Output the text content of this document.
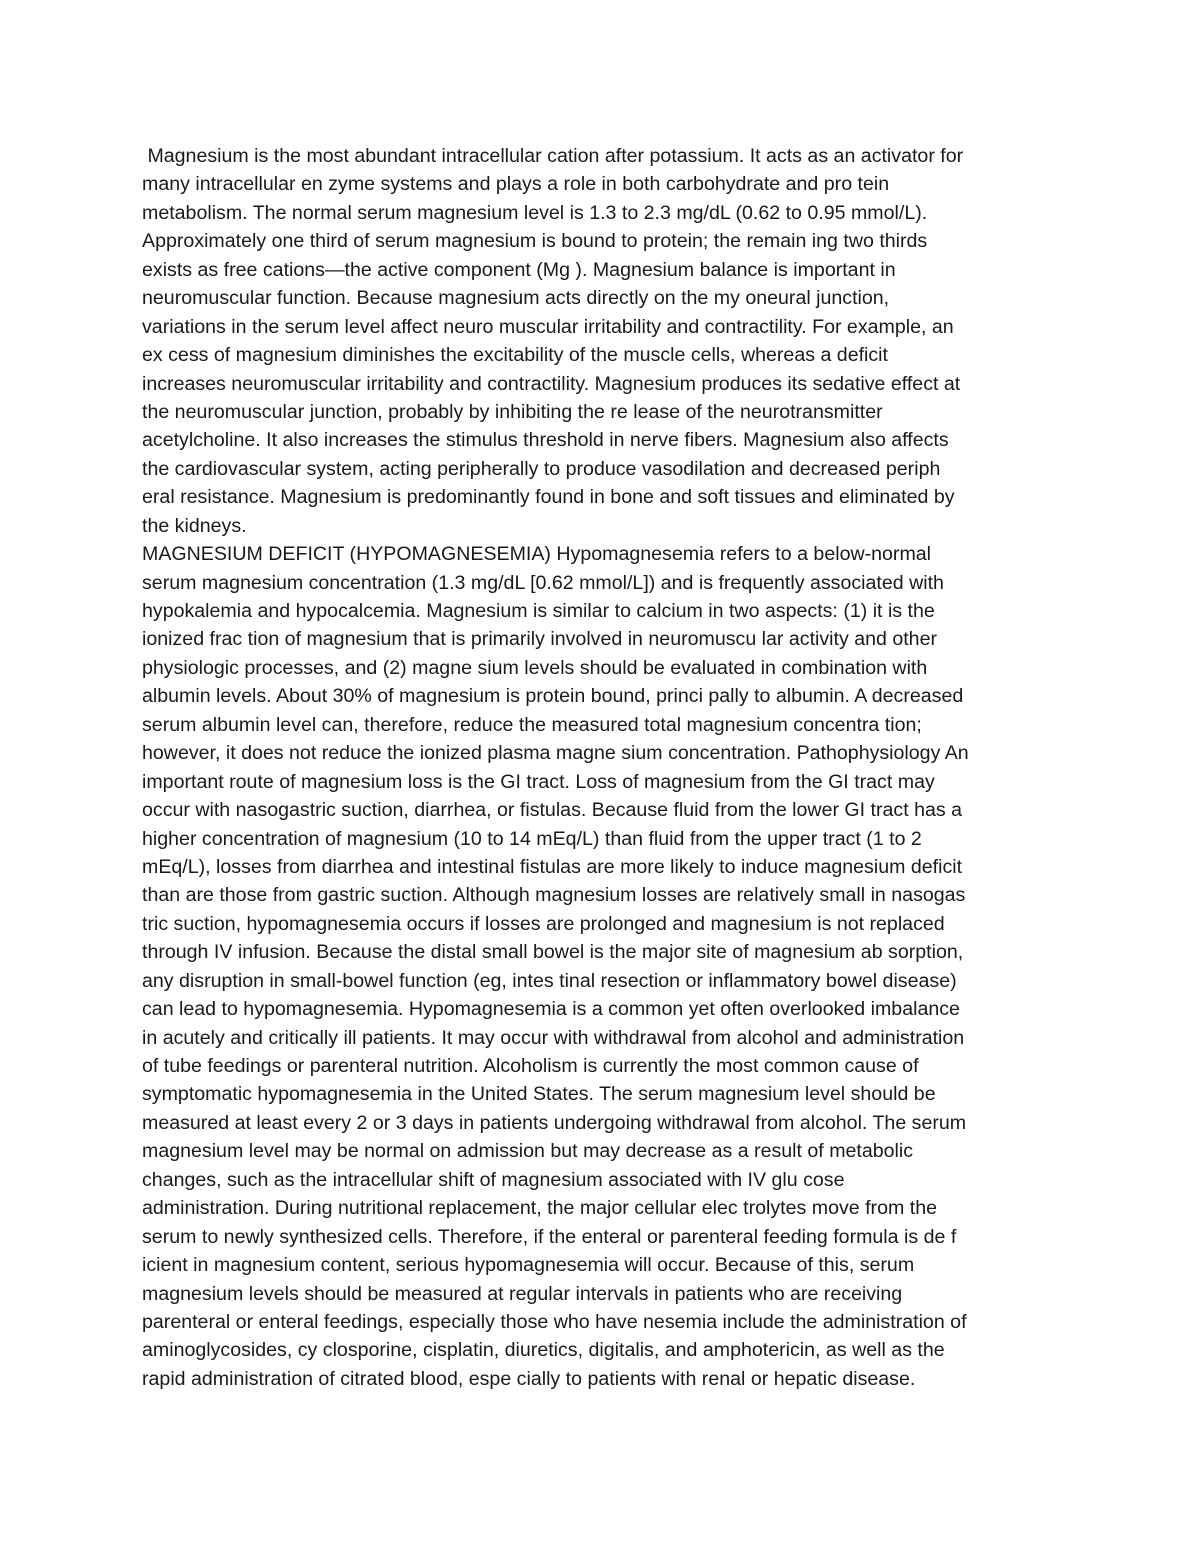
Magnesium is the most abundant intracellular cation after potassium. It acts as an activator for
many intracellular en zyme systems and plays a role in both carbohydrate and pro tein
metabolism. The normal serum magnesium level is 1.3 to 2.3 mg/dL (0.62 to 0.95 mmol/L).
Approximately one third of serum magnesium is bound to protein; the remain ing two thirds
exists as free cations—the active component (Mg ). Magnesium balance is important in
neuromuscular function. Because magnesium acts directly on the my oneural junction,
variations in the serum level affect neuro muscular irritability and contractility. For example, an
ex cess of magnesium diminishes the excitability of the muscle cells, whereas a deficit
increases neuromuscular irritability and contractility. Magnesium produces its sedative effect at
the neuromuscular junction, probably by inhibiting the re lease of the neurotransmitter
acetylcholine. It also increases the stimulus threshold in nerve fibers. Magnesium also affects
the cardiovascular system, acting peripherally to produce vasodilation and decreased periph
eral resistance. Magnesium is predominantly found in bone and soft tissues and eliminated by
the kidneys.
MAGNESIUM DEFICIT (HYPOMAGNESEMIA) Hypomagnesemia refers to a below-normal
serum magnesium concentration (1.3 mg/dL [0.62 mmol/L]) and is frequently associated with
hypokalemia and hypocalcemia. Magnesium is similar to calcium in two aspects: (1) it is the
ionized frac tion of magnesium that is primarily involved in neuromuscu lar activity and other
physiologic processes, and (2) magne sium levels should be evaluated in combination with
albumin levels. About 30% of magnesium is protein bound, princi pally to albumin. A decreased
serum albumin level can, therefore, reduce the measured total magnesium concentra tion;
however, it does not reduce the ionized plasma magne sium concentration. Pathophysiology An
important route of magnesium loss is the GI tract. Loss of magnesium from the GI tract may
occur with nasogastric suction, diarrhea, or fistulas. Because fluid from the lower GI tract has a
higher concentration of magnesium (10 to 14 mEq/L) than fluid from the upper tract (1 to 2
mEq/L), losses from diarrhea and intestinal fistulas are more likely to induce magnesium deficit
than are those from gastric suction. Although magnesium losses are relatively small in nasogas
tric suction, hypomagnesemia occurs if losses are prolonged and magnesium is not replaced
through IV infusion. Because the distal small bowel is the major site of magnesium ab sorption,
any disruption in small-bowel function (eg, intes tinal resection or inflammatory bowel disease)
can lead to hypomagnesemia. Hypomagnesemia is a common yet often overlooked imbalance
in acutely and critically ill patients. It may occur with withdrawal from alcohol and administration
of tube feedings or parenteral nutrition. Alcoholism is currently the most common cause of
symptomatic hypomagnesemia in the United States. The serum magnesium level should be
measured at least every 2 or 3 days in patients undergoing withdrawal from alcohol. The serum
magnesium level may be normal on admission but may decrease as a result of metabolic
changes, such as the intracellular shift of magnesium associated with IV glu cose
administration. During nutritional replacement, the major cellular elec trolytes move from the
serum to newly synthesized cells. Therefore, if the enteral or parenteral feeding formula is de f
icient in magnesium content, serious hypomagnesemia will occur. Because of this, serum
magnesium levels should be measured at regular intervals in patients who are receiving
parenteral or enteral feedings, especially those who have nesemia include the administration of
aminoglycosides, cy closporine, cisplatin, diuretics, digitalis, and amphotericin, as well as the
rapid administration of citrated blood, espe cially to patients with renal or hepatic disease.
